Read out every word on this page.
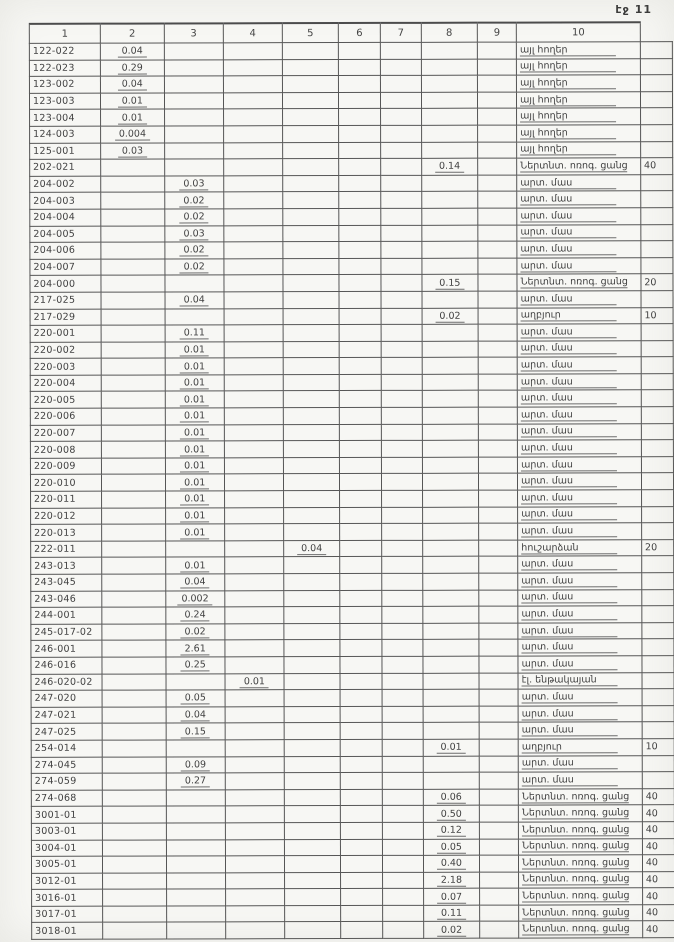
էջ 11
1	2	3	4	5	6	7	8	9	10	
122-022	0.04								այլ հողեր	
122-023	0.29								այլ հողեր	
123-002	0.04								այլ հողեր	
123-003	0.01								այլ հողեր	
123-004	0.01								այլ հողեր	
124-003	0.004								այլ հողեր	
125-001	0.03								այլ հողեր	
202-021							0.14		Ներտնտ. ոռոգ. ցանց	40
204-002		0.03							արտ. մաս	
204-003		0.02							արտ. մաս	
204-004		0.02							արտ. մաս	
204-005		0.03							արտ. մաս	
204-006		0.02							արտ. մաս	
204-007		0.02							արտ. մաս	
204-000							0.15		Ներտնտ. ոռոգ. ցանց	20
217-025		0.04							արտ. մաս	
217-029							0.02		աղբյուր	10
220-001		0.11							արտ. մաս	
220-002		0.01							արտ. մաս	
220-003		0.01							արտ. մաս	
220-004		0.01							արտ. մաս	
220-005		0.01							արտ. մաս	
220-006		0.01							արտ. մաս	
220-007		0.01							արտ. մաս	
220-008		0.01							արտ. մաս	
220-009		0.01							արտ. մաս	
220-010		0.01							արտ. մաս	
220-011		0.01							արտ. մաս	
220-012		0.01							արտ. մաս	
220-013		0.01							արտ. մաս	
222-011				0.04					հուշարձան	20
243-013		0.01							արտ. մաս	
243-045		0.04							արտ. մաս	
243-046		0.002							արտ. մաս	
244-001		0.24							արտ. մաս	
245-017-02		0.02							արտ. մաս	
246-001		2.61							արտ. մաս	
246-016		0.25							արտ. մաս	
246-020-02			0.01						էլ. ենթակայան	
247-020		0.05							արտ. մաս	
247-021		0.04							արտ. մաս	
247-025		0.15							արտ. մաս	
254-014							0.01		աղբյուր	10
274-045		0.09							արտ. մաս	
274-059		0.27							արտ. մաս	
274-068							0.06		Ներտնտ. ոռոգ. ցանց	40
3001-01							0.50		Ներտնտ. ոռոգ. ցանց	40
3003-01							0.12		Ներտնտ. ոռոգ. ցանց	40
3004-01							0.05		Ներտնտ. ոռոգ. ցանց	40
3005-01							0.40		Ներտնտ. ոռոգ. ցանց	40
3012-01							2.18		Ներտնտ. ոռոգ. ցանց	40
3016-01							0.07		Ներտնտ. ոռոգ. ցանց	40
3017-01							0.11		Ներտնտ. ոռոգ. ցանց	40
3018-01							0.02		Ներտնտ. ոռոգ. ցանց	40
